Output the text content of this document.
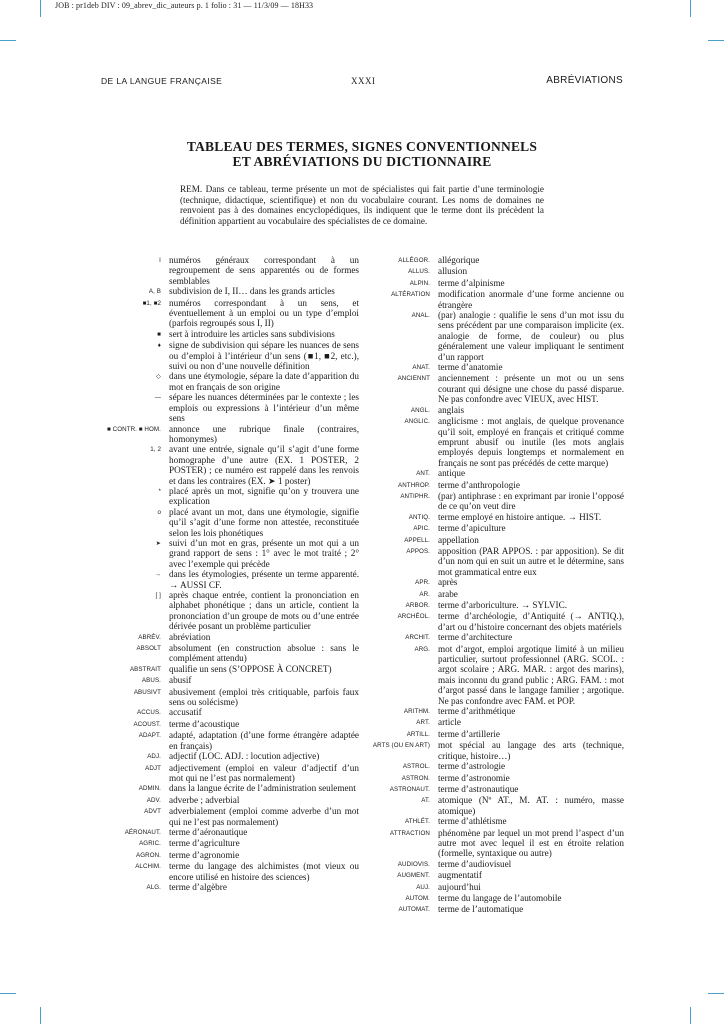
JOB : pr1deb DIV : 09_abrev_dic_auteurs p. 1 folio : 31 — 11/3/09 — 18H33
DE LA LANGUE FRANÇAISE	XXXI	ABRÉVIATIONS
TABLEAU DES TERMES, SIGNES CONVENTIONNELS
ET ABRÉVIATIONS DU DICTIONNAIRE
REM. Dans ce tableau, terme présente un mot de spécialistes qui fait partie d’une terminologie (technique, didactique, scientifique) et non du vocabulaire courant. Les noms de domaines ne renvoient pas à des domaines encyclopédiques, ils indiquent que le terme dont ils précèdent la définition appartient au vocabulaire des spécialistes de ce domaine.
I numéros généraux correspondant à un regroupement de sens apparentés ou de formes semblables
A, B subdivision de I, II… dans les grands articles
■1, ■2 numéros correspondant à un sens, et éventuellement à un emploi ou un type d’emploi (parfois regroupés sous I, II)
■ sert à introduire les articles sans subdivisions
♦ signe de subdivision qui sépare les nuances de sens ou d’emploi à l’intérieur d’un sens (■1, ■2, etc.), suivi ou non d’une nouvelle définition
◇ dans une étymologie, sépare la date d’apparition du mot en français de son origine
— sépare les nuances déterminées par le contexte ; les emplois ou expressions à l’intérieur d’un même sens
■ CONTR. ■ HOM. annonce une rubrique finale (contraires, homonymes)
1, 2 avant une entrée, signale qu’il s’agit d’une forme homographe d’une autre (EX. 1 POSTER, 2 POSTER) ; ce numéro est rappelé dans les renvois et dans les contraires (EX. ➤ 1 poster)
* placé après un mot, signifie qu’on y trouvera une explication
o placé avant un mot, dans une étymologie, signifie qu’il s’agit d’une forme non attestée, reconstituée selon les lois phonétiques
➤ suivi d’un mot en gras, présente un mot qui a un grand rapport de sens : 1° avec le mot traité ; 2° avec l’exemple qui précède
→ dans les étymologies, présente un terme apparenté. → AUSSI CF.
[ ] après chaque entrée, contient la prononciation en alphabet phonétique ; dans un article, contient la prononciation d’un groupe de mots ou d’une entrée dérivée posant un problème particulier
ABRÉV. abréviation
ABSOLT absolument (en construction absolue : sans le complément attendu)
ABSTRAIT qualifie un sens (S’OPPOSE À CONCRET)
ABUS. abusif
ABUSIVT abusivement (emploi très critiquable, parfois faux sens ou solécisme)
ACCUS. accusatif
ACOUST. terme d’acoustique
ADAPT. adapté, adaptation (d’une forme étrangère adaptée en français)
ADJ. adjectif (LOC. ADJ. : locution adjective)
ADJT adjectivement (emploi en valeur d’adjectif d’un mot qui ne l’est pas normalement)
ADMIN. dans la langue écrite de l’administration seulement
ADV. adverbe ; adverbial
ADVT adverbialement (emploi comme adverbe d’un mot qui ne l’est pas normalement)
AÉRONAUT. terme d’aéronautique
AGRIC. terme d’agriculture
AGRON. terme d’agronomie
ALCHIM. terme du langage des alchimistes (mot vieux ou encore utilisé en histoire des sciences)
ALG. terme d’algèbre
ALLÉGOR. allégorique
ALLUS. allusion
ALPIN. terme d’alpinisme
ALTÉRATION modification anormale d’une forme ancienne ou étrangère
ANAL. (par) analogie : qualifie le sens d’un mot issu du sens précédent par une comparaison implicite (ex. analogie de forme, de couleur) ou plus généralement une valeur impliquant le sentiment d’un rapport
ANAT. terme d’anatomie
ANCIENNT anciennement : présente un mot ou un sens courant qui désigne une chose du passé disparue. Ne pas confondre avec VIEUX, avec HIST.
ANGL. anglais
ANGLIC. anglicisme : mot anglais, de quelque provenance qu’il soit, employé en français et critiqué comme emprunt abusif ou inutile (les mots anglais employés depuis longtemps et normalement en français ne sont pas précédés de cette marque)
ANT. antique
ANTHROP. terme d’anthropologie
ANTIPHR. (par) antiphrase : en exprimant par ironie l’opposé de ce qu’on veut dire
ANTIQ. terme employé en histoire antique. → HIST.
APIC. terme d’apiculture
APPELL. appellation
APPOS. apposition (PAR APPOS. : par apposition). Se dit d’un nom qui en suit un autre et le détermine, sans mot grammatical entre eux
APR. après
AR. arabe
ARBOR. terme d’arboriculture. → SYLVIC.
ARCHÉOL. terme d’archéologie, d’Antiquité (→ ANTIQ.), d’art ou d’histoire concernant des objets matériels
ARCHIT. terme d’architecture
ARG. mot d’argot, emploi argotique limité à un milieu particulier, surtout professionnel (ARG. SCOL. : argot scolaire ; ARG. MAR. : argot des marins), mais inconnu du grand public ; ARG. FAM. : mot d’argot passé dans le langage familier ; argotique. Ne pas confondre avec FAM. et POP.
ARITHM. terme d’arithmétique
ART. article
ARTILL. terme d’artillerie
ARTS (OU EN ART) mot spécial au langage des arts (technique, critique, histoire…)
ASTROL. terme d’astrologie
ASTRON. terme d’astronomie
ASTRONAUT. terme d’astronautique
AT. atomique (Nº AT., M. AT. : numéro, masse atomique)
ATHLÉT. terme d’athlétisme
ATTRACTION phénomène par lequel un mot prend l’aspect d’un autre mot avec lequel il est en étroite relation (formelle, syntaxique ou autre)
AUDIOVIS. terme d’audiovisuel
AUGMENT. augmentatif
AUJ. aujourd’hui
AUTOM. terme du langage de l’automobile
AUTOMAT. terme de l’automatique
